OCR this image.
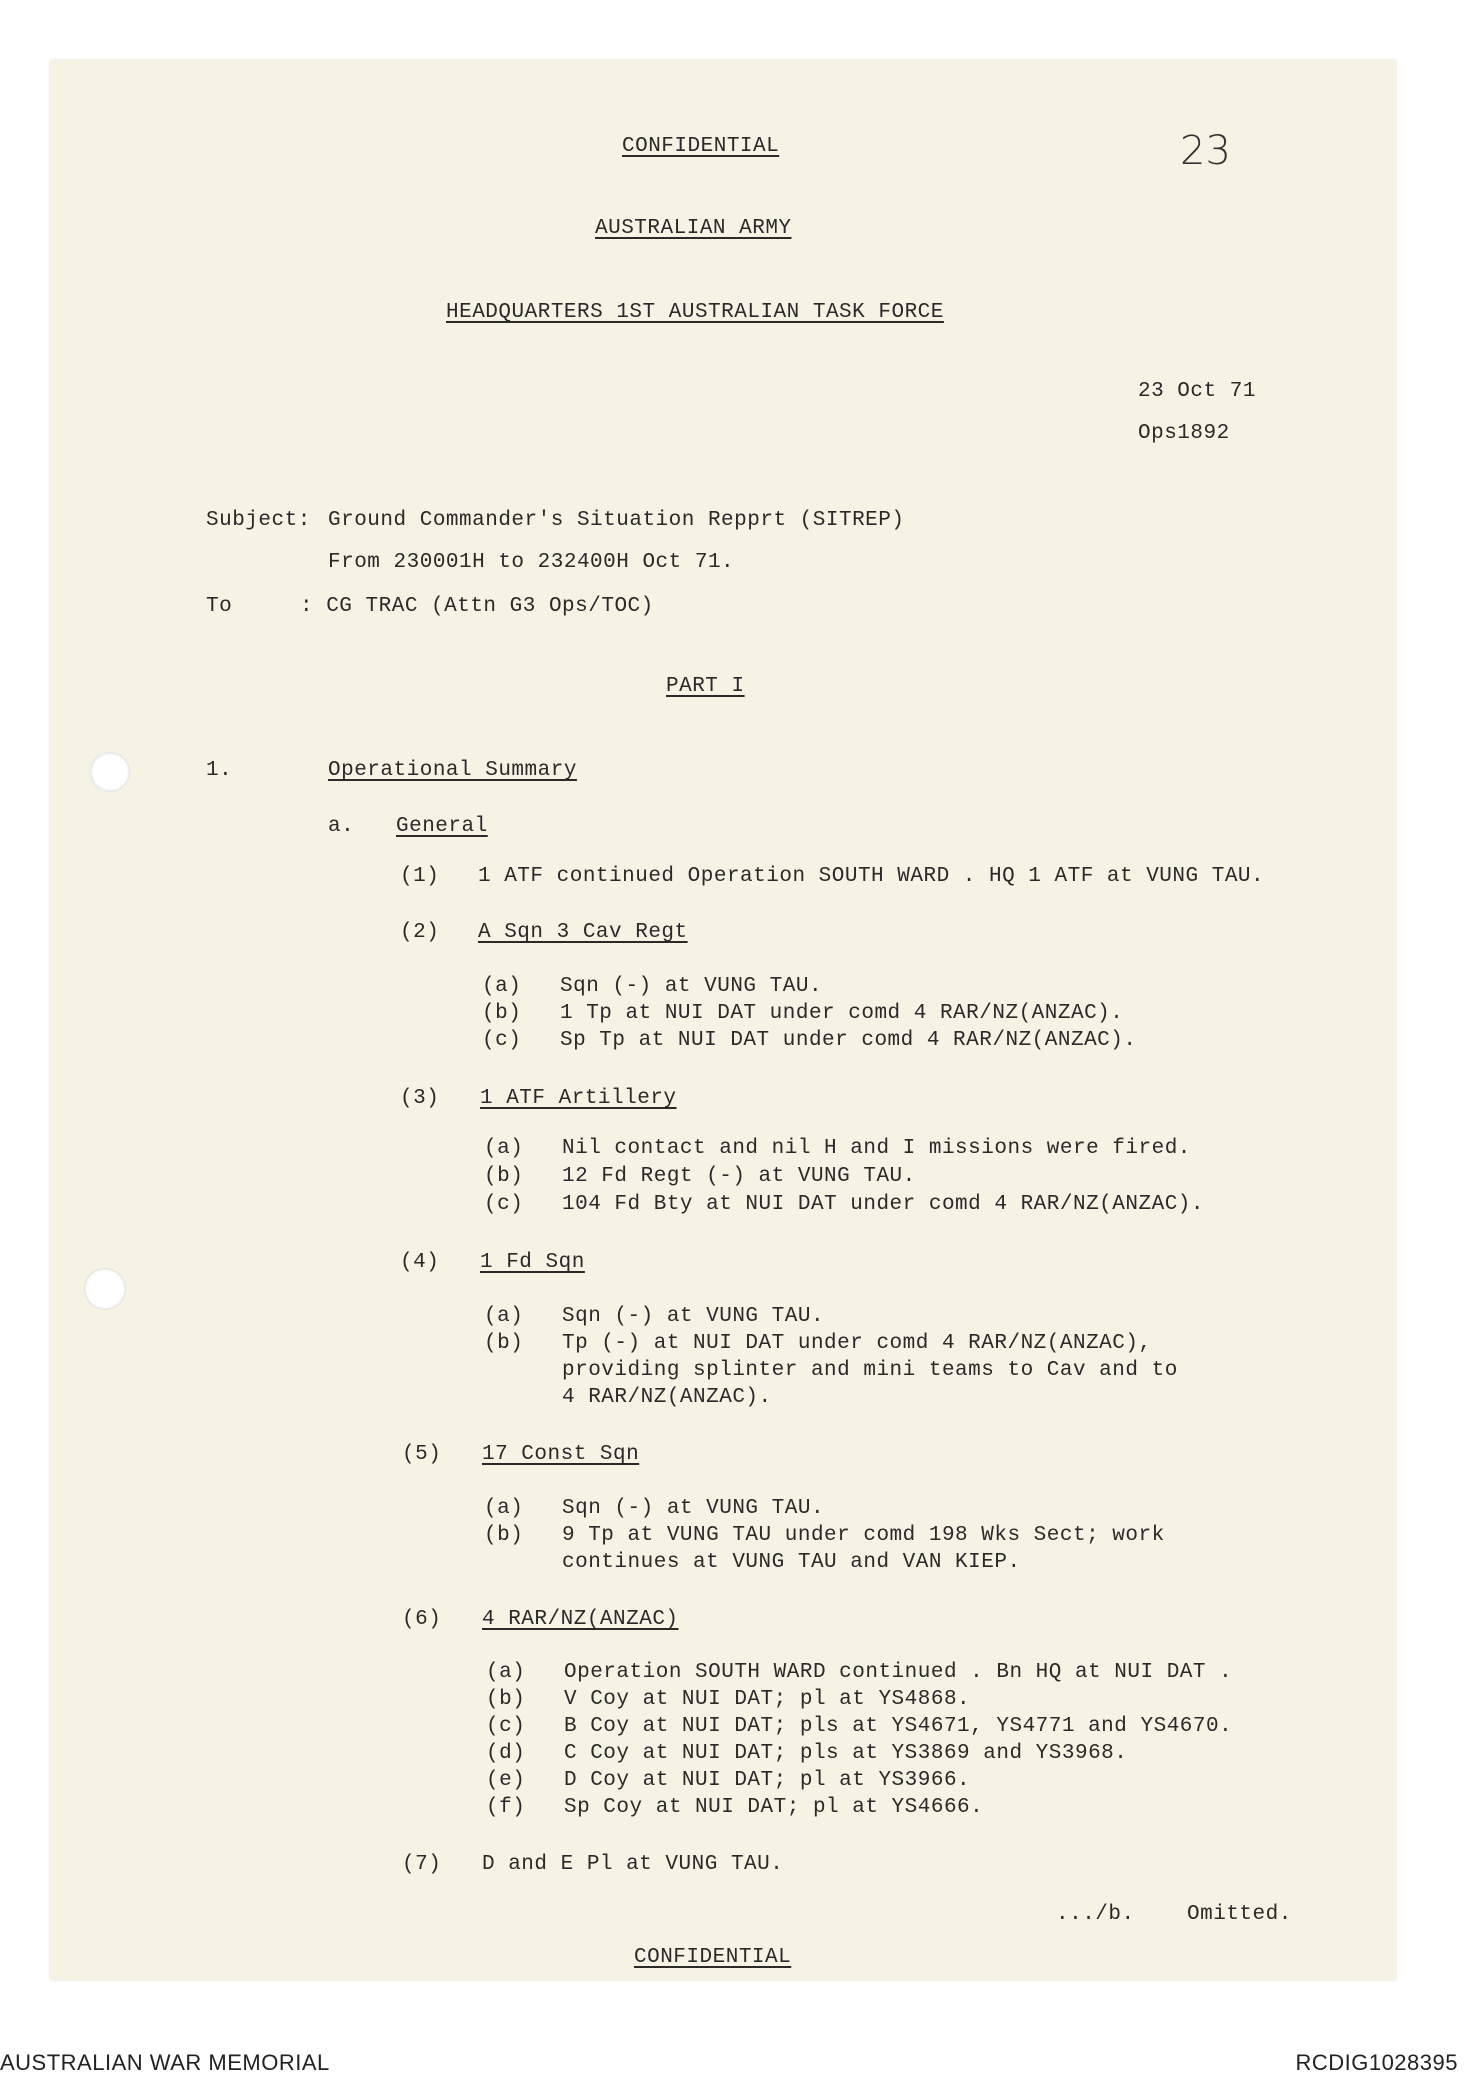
23
CONFIDENTIAL
AUSTRALIAN ARMY
HEADQUARTERS 1ST AUSTRALIAN TASK FORCE
23 Oct 71
Ops1892
Subject: Ground Commander's Situation Repprt (SITREP)
From 230001H to 232400H Oct 71.
To	: CG TRAC (Attn G3 Ops/TOC)
PART I
1.	Operational Summary
a. General
(1) 1 ATF continued Operation SOUTH WARD . HQ 1 ATF at VUNG TAU.
(2) A Sqn 3 Cav Regt
(a) Sqn (-) at VUNG TAU.
(b) 1 Tp at NUI DAT under comd 4 RAR/NZ(ANZAC).
(c) Sp Tp at NUI DAT under comd 4 RAR/NZ(ANZAC).
(3) 1 ATF Artillery
(a) Nil contact and nil H and I missions were fired.
(b) 12 Fd Regt (-) at VUNG TAU.
(c) 104 Fd Bty at NUI DAT under comd 4 RAR/NZ(ANZAC).
(4) 1 Fd Sqn
(a) Sqn (-) at VUNG TAU.
(b) Tp (-) at NUI DAT under comd 4 RAR/NZ(ANZAC),
providing splinter and mini teams to Cav and to
4 RAR/NZ(ANZAC).
(5) 17 Const Sqn
(a) Sqn (-) at VUNG TAU.
(b) 9 Tp at VUNG TAU under comd 198 Wks Sect; work
continues at VUNG TAU and VAN KIEP.
(6) 4 RAR/NZ(ANZAC)
(a) Operation SOUTH WARD continued . Bn HQ at NUI DAT .
(b) V Coy at NUI DAT; pl at YS4868.
(c) B Coy at NUI DAT; pls at YS4671, YS4771 and YS4670.
(d) C Coy at NUI DAT; pls at YS3869 and YS3968.
(e) D Coy at NUI DAT; pl at YS3966.
(f) Sp Coy at NUI DAT; pl at YS4666.
(7) D and E Pl at VUNG TAU.
.../b.    Omitted.
CONFIDENTIAL
AUSTRALIAN WAR MEMORIAL	RCDIG1028395
